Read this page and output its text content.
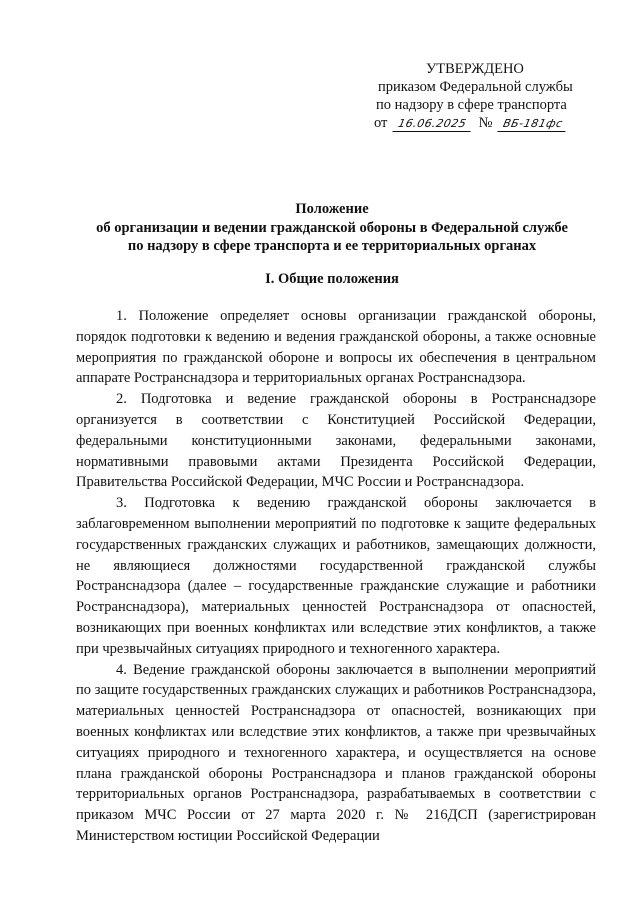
УТВЕРЖДЕНО
приказом Федеральной службы
по надзору в сфере транспорта
от 16.06.2025 № ВБ-181фс
Положение
об организации и ведении гражданской обороны в Федеральной службе
по надзору в сфере транспорта и ее территориальных органах
I. Общие положения

1. Положение определяет основы организации гражданской обороны, порядок подготовки к ведению и ведения гражданской обороны, а также основные мероприятия по гражданской обороне и вопросы их обеспечения в центральном аппарате Ространснадзора и территориальных органах Ространснадзора.

2. Подготовка и ведение гражданской обороны в Ространснадзоре организуется в соответствии с Конституцией Российской Федерации, федеральными конституционными законами, федеральными законами, нормативными правовыми актами Президента Российской Федерации, Правительства Российской Федерации, МЧС России и Ространснадзора.

3. Подготовка к ведению гражданской обороны заключается в заблаговременном выполнении мероприятий по подготовке к защите федеральных государственных гражданских служащих и работников, замещающих должности, не являющиеся должностями государственной гражданской службы Ространснадзора (далее – государственные гражданские служащие и работники Ространснадзора), материальных ценностей Ространснадзора от опасностей, возникающих при военных конфликтах или вследствие этих конфликтов, а также при чрезвычайных ситуациях природного и техногенного характера.

4. Ведение гражданской обороны заключается в выполнении мероприятий по защите государственных гражданских служащих и работников Ространснадзора, материальных ценностей Ространснадзора от опасностей, возникающих при военных конфликтах или вследствие этих конфликтов, а также при чрезвычайных ситуациях природного и техногенного характера, и осуществляется на основе плана гражданской обороны Ространснадзора и планов гражданской обороны территориальных органов Ространснадзора, разрабатываемых в соответствии с приказом МЧС России от 27 марта 2020 г. № 216ДСП (зарегистрирован Министерством юстиции Российской Федерации
